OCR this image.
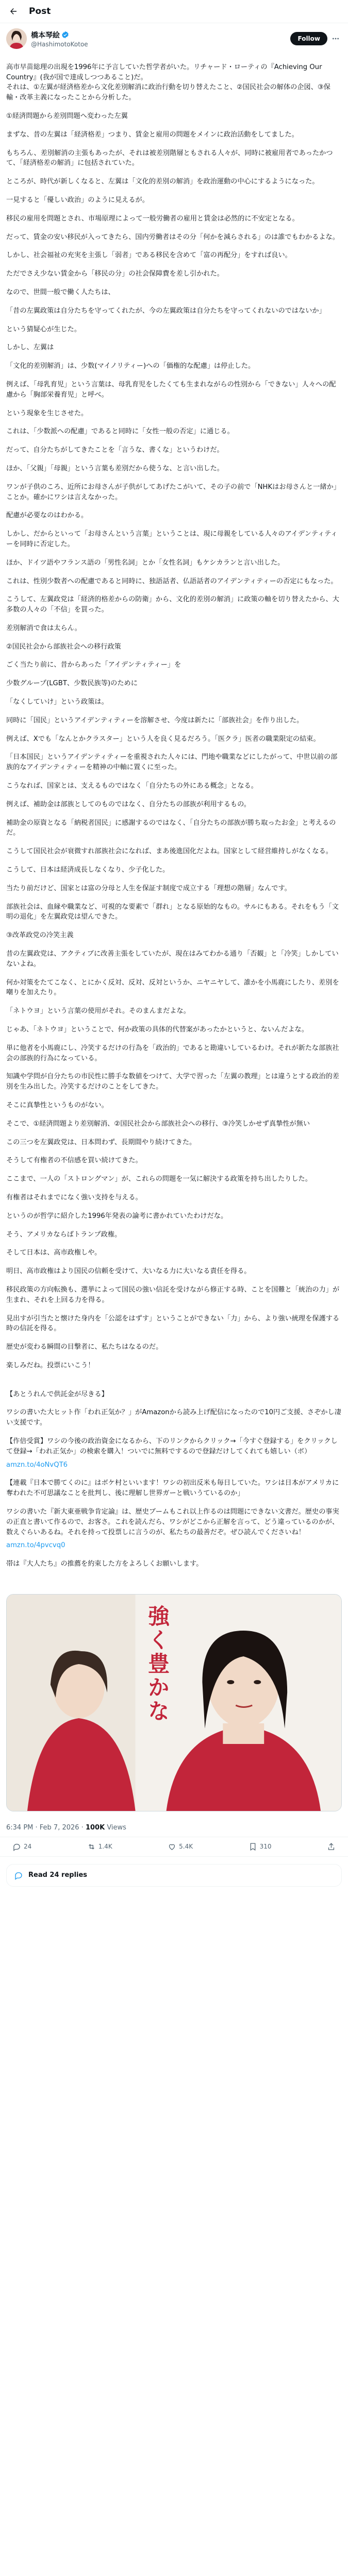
Post
橋本琴絵
@HashimotoKotoe
Follow

高市早苗総理の出現を1996年に予言していた哲学者がいた。リチャード・ローティの『Achieving Our Country』(我が国で達成しつつあること)だ。
それは、①左翼が経済格差から文化差別解消に政治行動を切り替えたこと、②国民社会の解体の企図、③保輸・改革主義になったことから分析した。
①経済問題から差別問題へ変わった左翼
まずな、昔の左翼は「経済格差」つまり、賃金と雇用の問題をメインに政治活動をしてました。
もちろん、差別解消の主張もあったが、それは被差別階層ともされる人々が、同時に被雇用者であったかつて、「経済格差の解消」に包括されていた。
ところが、時代が新しくなると、左翼は「文化的差別の解消」を政治運動の中心にするようになった。
一見すると「優しい政治」のように見えるが。
移民の雇用を問題とされ、市場原理によって一般労働者の雇用と賃金は必然的に不安定となる。
だって、賃金の安い移民が入ってきたら、国内労働者はその分「何かを減らされる」のは誰でもわかるよな。
しかし、社会福祉の充実を主張し「弱者」である移民を含めて「富の再配分」をすれば良い。
ただでさえ少ない賃金から「移民の分」の社会保障費を差し引かれた。
なので、世間一般で働く人たちは、
「昔の左翼政策は自分たちを守ってくれたが、今の左翼政策は自分たちを守ってくれないのではないか」
という猜疑心が生じた。
しかし、左翼は
「文化的差別解消」は、少数(マイノリティー)への「価権的な配慮」は停止した。
例えば、「母乳育児」という言葉は、母乳育児をしたくても生まれながらの性別から「できない」人々への配慮から「胸部栄養育児」と呼べ。
という現象を生じさせた。
これは、「少数派への配慮」であると同時に「女性一般の否定」に通じる。
だって、自分たちがしてきたことを「言うな、書くな」というわけだ。
ほか、「父親」「母親」という言葉も差別だから使うな、と言い出した。
ワンが子供のころ、近所にお母さんが子供がしてあげたこがいて、その子の前で「NHKはお母さんと一緒か」ことか。確かにワシは言えなかった。
配慮が必要なのはわかる。
しかし、だからといって「お母さんという言葉」ということは、現に母親をしている人々のアイデンティティーを同時に否定した。
ほか、ドイツ語やフランス語の「男性名詞」とか「女性名詞」もケシカランと言い出した。
これは、性別少数者への配慮であると同時に、独語話者、仏語話者のアイデンティティーの否定にもなった。
こうして、左翼政党は「経済的格差からの防衛」から、文化的差別の解消」に政策の軸を切り替えたから、大多数の人々の「不信」を買った。
差別解消で食は太らん。
②国民社会から部族社会への移行政策
ごく当たり前に、昔からあった「アイデンティティー」を
少数グループ(LGBT、少数民族等)のために
「なくしていけ」という政策は。
同時に「国民」というアイデンティティーを溶解させ、今度は新たに「部族社会」を作り出した。
例えば、Xでも「なんとかクラスター」という人を良く見るだろう。「医クラ」医者の職業限定の結束。
「日本国民」というアイデンティティーを重視された人々には、門地や職業などにしたがって、中世以前の部族的なアイデンティティーを精神の中軸に置くに至った。
こうなれば、国家とは、支えるものではなく「自分たちの外にある概念」となる。
例えば、補助金は部族としてのものではなく、自分たちの部族が利用するもの。
補助金の原資となる「納税者国民」に感謝するのではなく、「自分たちの部族が勝ち取ったお金」と考えるのだ。
こうして国民社会が衰微すれ部族社会になれば、まあ後進国化だよね。国家として経営維持しがなくなる。
こうして、日本は経済成長しなくなり、少子化した。
当たり前だけど、国家とは富の分母と人生を保証す制度で成立する「理想の階層」なんです。
部族社会は、血縁や職業など、可視的な要素で「群れ」となる原始的なもの。サルにもある。それをもう「文明の退化」を左翼政党は望んできた。
③改革政党の冷笑主義
昔の左翼政党は、アクティブに改善主張をしていたが、現在はみてわかる通り「否観」と「冷笑」しかしていないよね。
何か対策をたてこなく、とにかく反対、反対、反対というか、ニヤニヤして、誰かを小馬鹿にしたり、差別を嘲りを加えたり。
「ネトウヨ」という言葉の使用がそれ。そのまんまだよな。
じゃあ、「ネトウヨ」ということで、何か政策の具体的代替案があったかというと、ないんだよな。
単に他者を小馬鹿にし、冷笑するだけの行為を「政治的」であると勘違いしているわけ。それが新たな部族社会の部族的行為になっている。
知識や学問が自分たちの市民性に勝手な数値をつけて、大学で習った「左翼の教理」とは違うとする政治的差別を生み出した。冷笑するだけのことをしてきた。
そこに真摯性というものがない。
そこで、①経済問題より差別解消、②国民社会から部族社会への移行、③冷笑しかせず真摯性が無い
この三つを左翼政党は、日本問わず、長期間やり続けてきた。
そうして有権者の不信感を買い続けてきた。
ここまで、一人の「ストロングマン」が、これらの問題を一気に解決する政策を持ち出したりした。
有権者はそれまでになく強い支持を与える。
というのが哲学に紹介した1996年発表の論考に書かれていたわけだな。
そう、アメリカならばトランプ政権。
そして日本は、高市政権しや。
明日、高市政権はより国民の信頼を受けて、大いなる力に大いなる責任を得る。
移民政策の方向転換も、選挙によって国民の強い信託を受けながら修正する時、ことを国難と「統治の力」が生まれ、それを上回る力を得る。
見出すが引当たと懐けた身内を「公認をはずす」ということができない「力」から、より強い統理を保護する時の信託を得る。
歴史が変わる瞬間の目撃者に、私たちはなるのだ。
楽しみだね。投票にいこう！

【あとうれんで供託金が尽きる】
ワシの書いた大ヒット作「われ正気か？」がAmazonから読み上げ配信になったので10円ご支援、さぞかし凄い支援です。
【作倍受賞】ワシの今後の政治資金になるから、下のリンクからクリック→「今すぐ登録する」をクリックして登録→「われ正気か」の検索を購入！ついでに無料でするので登録だけしてくれても嬉しい（ボ）
amzn.to/4oNvQT6
【連載『日本で勝てくのに』はボケ村といいます！ワシの初出反米も毎日していた。ワシは日本がアメリカに奪われた不可思議なことを批判し、後に理解し世界ガーと戦いうているのか」
ワシの書いた『新大東亜戦争肯定論』は、歴史ブームもこれ以上作るのは問題にできない文書だ。歴史の事実の正直と書いて作るので、お客さ。これを読んだら、ワシがどこから正解を言って、どう違っているのかが、数えぐらいあるね。それを持って投票しに言うのが、私たちの最善だぞ。ぜひ読んでくださいね！
amzn.to/4pvcvq0
帯は『大人たち』の推薦を約束した方をよろしくお願いします。

強く豊かな
6:34 PM · Feb 7, 2026 · 100K Views
24	1.4K	5.4K	310
Read 24 replies
